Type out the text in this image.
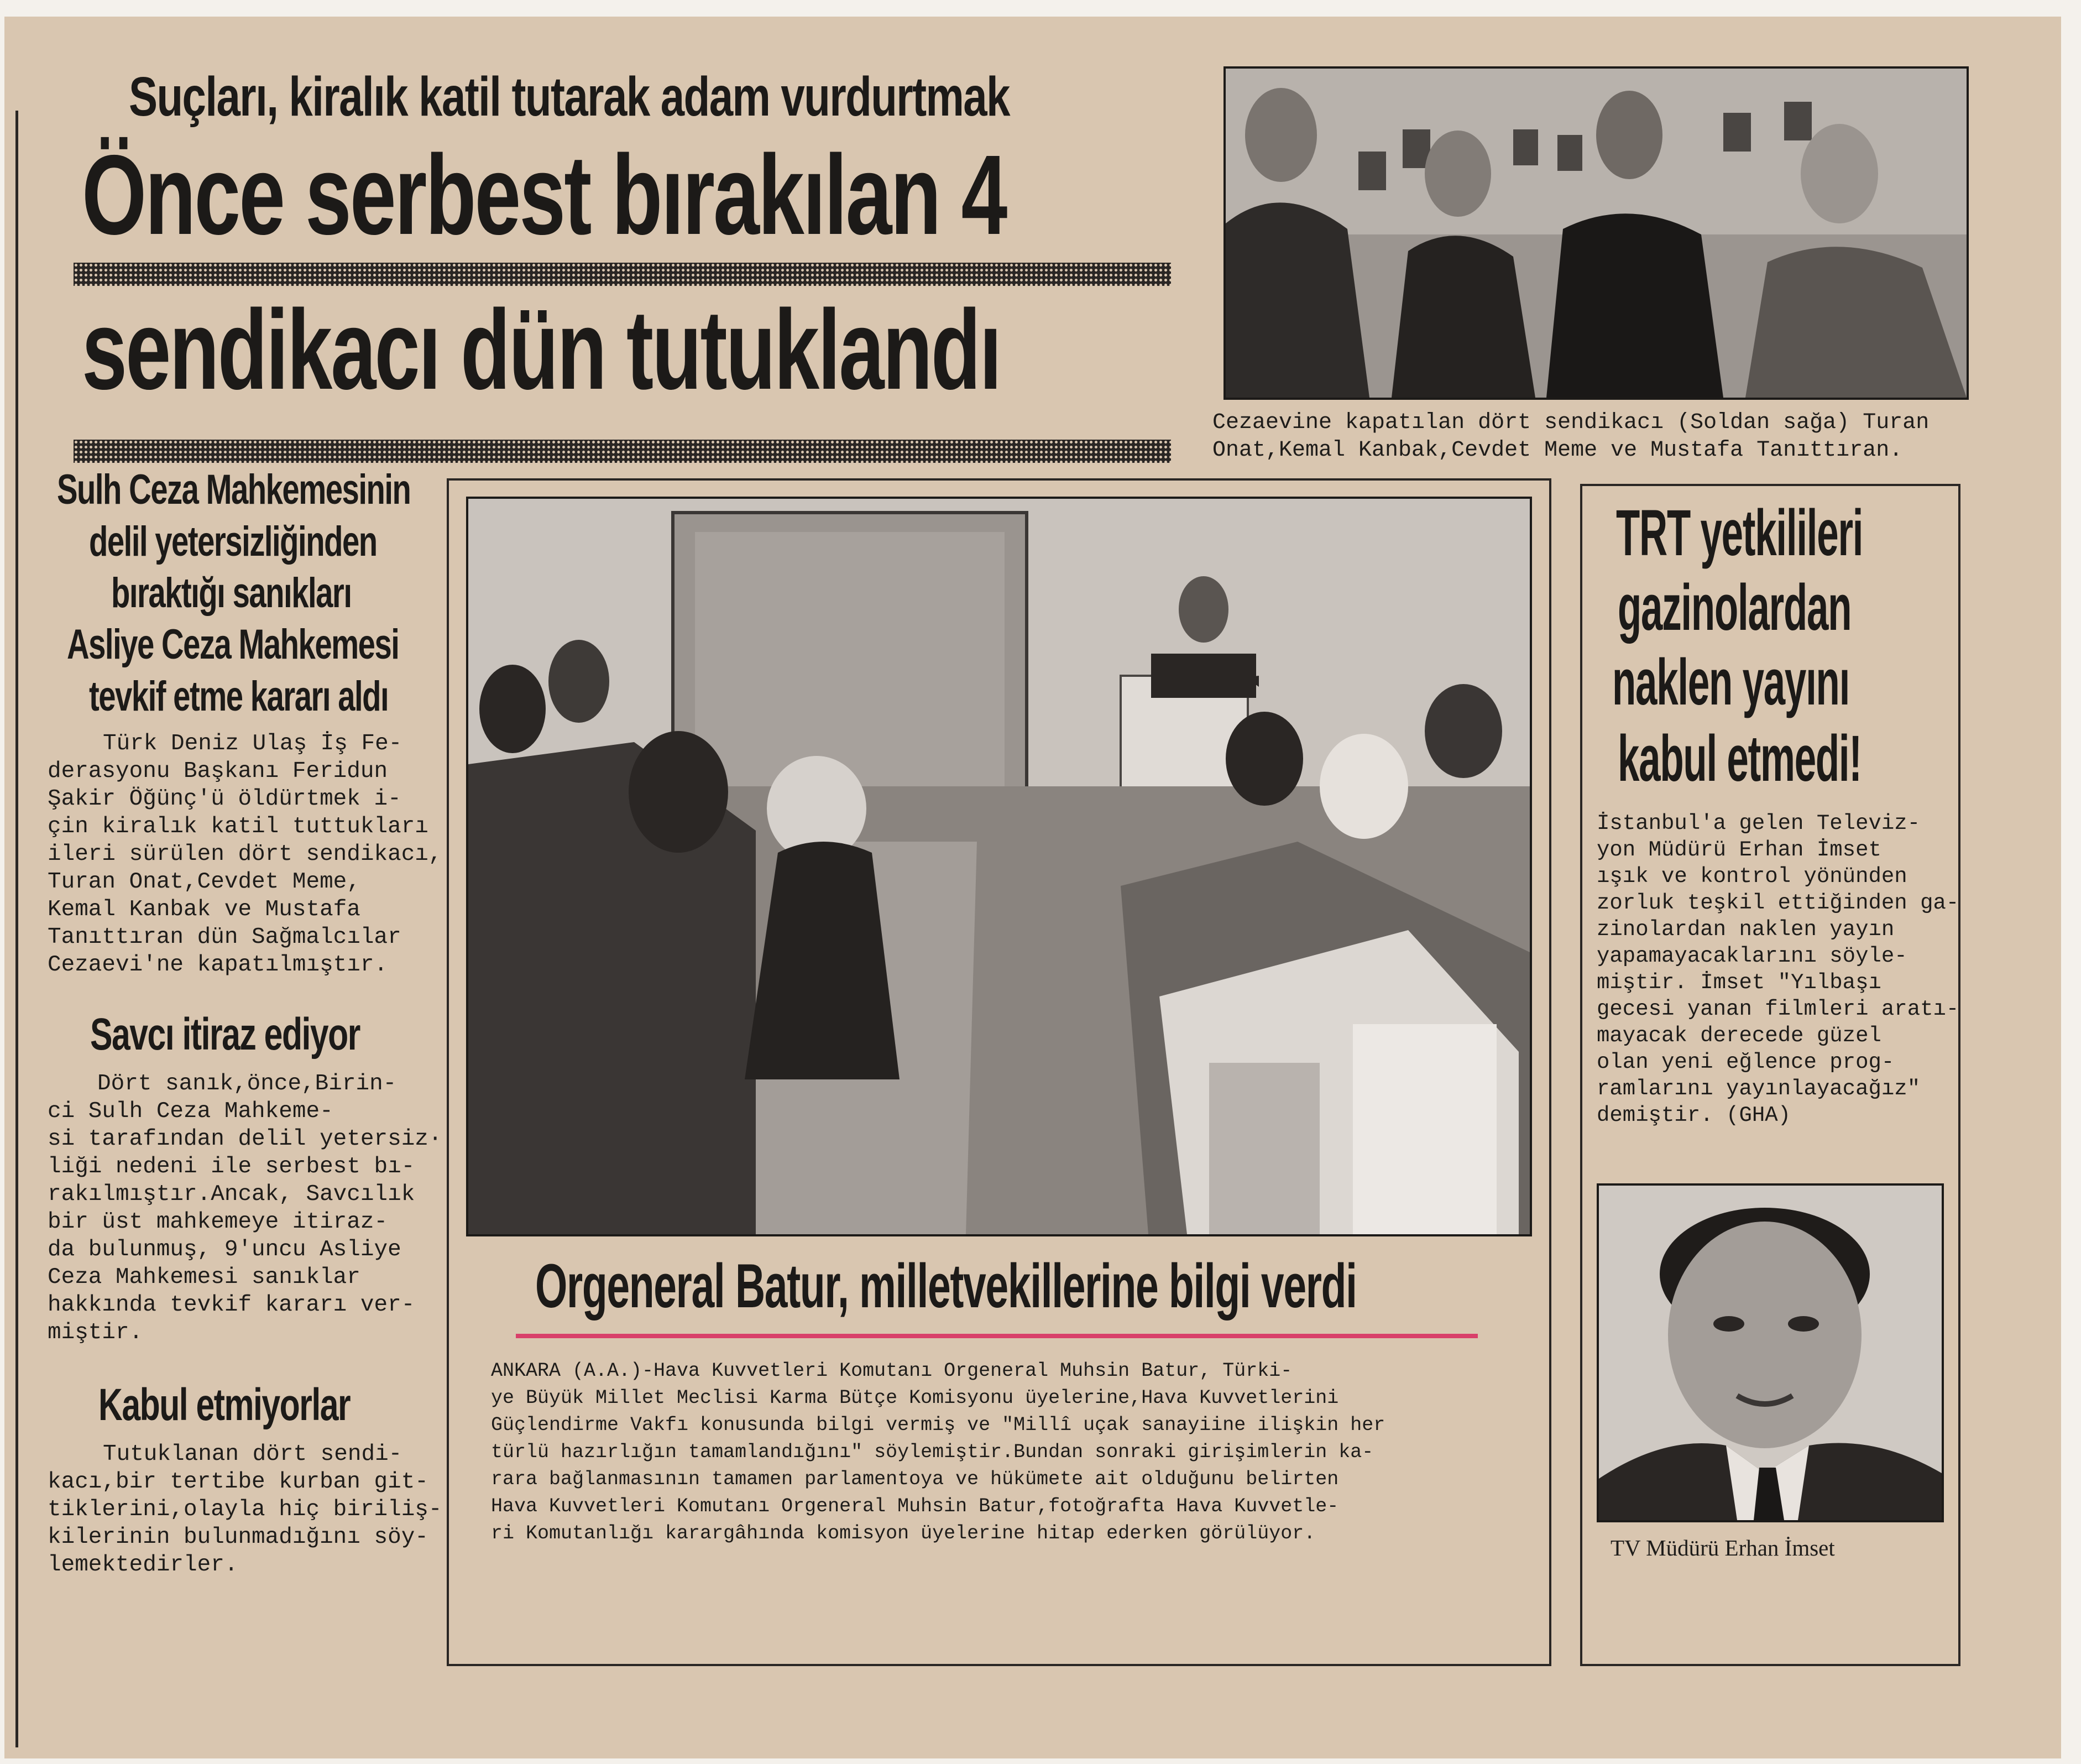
Suçları, kiralık katil tutarak adam vurdurtmak
Önce serbest bırakılan 4
sendikacı dün tutuklandı
Cezaevine kapatılan dört sendikacı (Soldan sağa) Turan
Onat,Kemal Kanbak,Cevdet Meme ve Mustafa Tanıttıran.
Sulh Ceza Mahkemesinin
delil yetersizliğinden
bıraktığı sanıkları
Asliye Ceza Mahkemesi
tevkif etme kararı aldı
Türk Deniz Ulaş İş Fe-
derasyonu Başkanı Feridun
Şakir Öğünç'ü öldürtmek i-
çin kiralık katil tuttukları
ileri sürülen dört sendikacı,
Turan Onat,Cevdet Meme,
Kemal Kanbak ve Mustafa
Tanıttıran dün Sağmalcılar
Cezaevi'ne kapatılmıştır.
Savcı itiraz ediyor
Dört sanık,önce,Birin-
ci Sulh Ceza Mahkeme-
si tarafından delil yetersiz·
liği nedeni ile serbest bı-
rakılmıştır.Ancak, Savcılık
bir üst mahkemeye itiraz-
da bulunmuş, 9'uncu Asliye
Ceza Mahkemesi sanıklar
hakkında tevkif kararı ver-
miştir.
Kabul etmiyorlar
Tutuklanan dört sendi-
kacı,bir tertibe kurban git-
tiklerini,olayla hiç biriliş-
kilerinin bulunmadığını söy-
lemektedirler.
Orgeneral Batur, milletvekillerine bilgi verdi
ANKARA (A.A.)-Hava Kuvvetleri Komutanı Orgeneral Muhsin Batur, Türki-
ye Büyük Millet Meclisi Karma Bütçe Komisyonu üyelerine,Hava Kuvvetlerini
Güçlendirme Vakfı konusunda bilgi vermiş ve "Millî uçak sanayiine ilişkin her
türlü hazırlığın tamamlandığını" söylemiştir.Bundan sonraki girişimlerin ka-
rara bağlanmasının tamamen parlamentoya ve hükümete ait olduğunu belirten
Hava Kuvvetleri Komutanı Orgeneral Muhsin Batur,fotoğrafta Hava Kuvvetle-
ri Komutanlığı karargâhında komisyon üyelerine hitap ederken görülüyor.
TRT yetkilileri
gazinolardan
naklen yayını
kabul etmedi!
İstanbul'a gelen Televiz-
yon Müdürü Erhan İmset
ışık ve kontrol yönünden
zorluk teşkil ettiğinden ga-
zinolardan naklen yayın
yapamayacaklarını söyle-
miştir. İmset "Yılbaşı
gecesi yanan filmleri aratı-
mayacak derecede güzel
olan yeni eğlence prog-
ramlarını yayınlayacağız"
demiştir. (GHA)
TV Müdürü Erhan İmset
